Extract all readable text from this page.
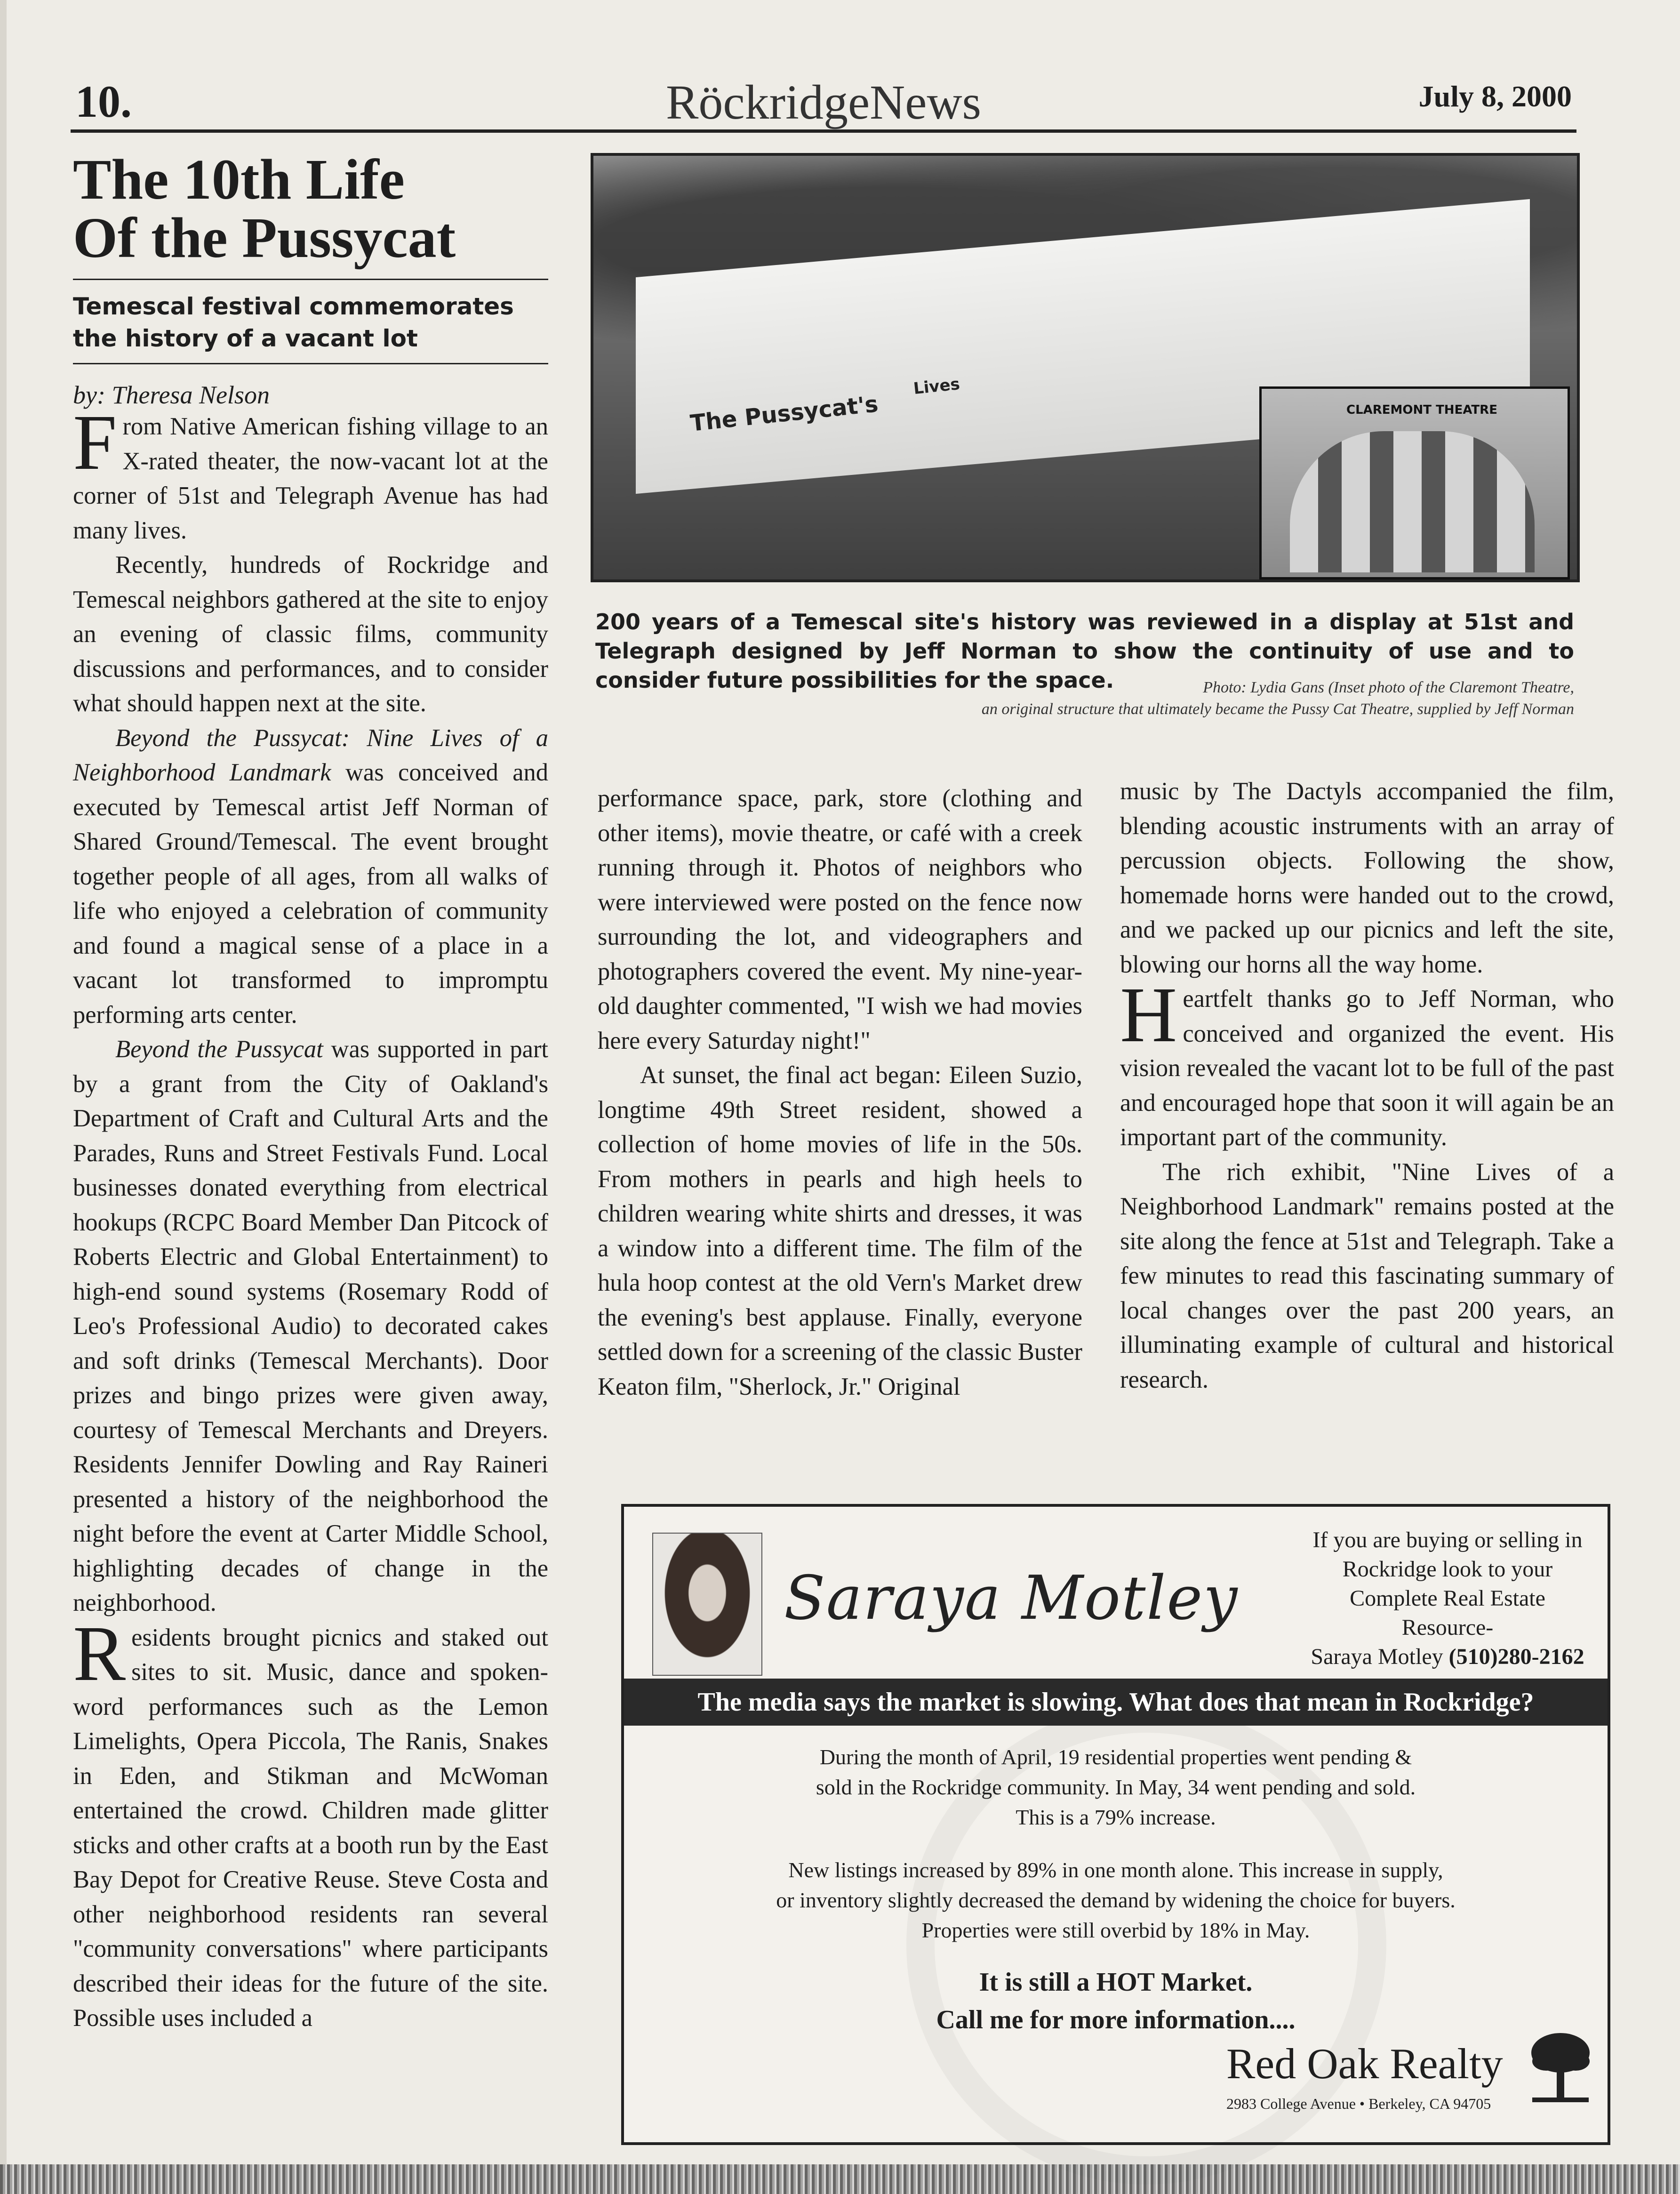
10.	RöckridgeNews	July 8, 2000
The 10th Life
Of the Pussycat
Temescal festival commemorates
the history of a vacant lot
by: Theresa Nelson

From Native American fishing village to an X-rated theater, the now-vacant lot at the corner of 51st and Telegraph Avenue has had many lives.

Recently, hundreds of Rockridge and Temescal neighbors gathered at the site to enjoy an evening of classic films, community discussions and performances, and to consider what should happen next at the site.

Beyond the Pussycat: Nine Lives of a Neighborhood Landmark was conceived and executed by Temescal artist Jeff Norman of Shared Ground/Temescal. The event brought together people of all ages, from all walks of life who enjoyed a celebration of community and found a magical sense of a place in a vacant lot transformed to impromptu performing arts center.

Beyond the Pussycat was supported in part by a grant from the City of Oakland's Department of Craft and Cultural Arts and the Parades, Runs and Street Festivals Fund. Local businesses donated everything from electrical hookups (RCPC Board Member Dan Pitcock of Roberts Electric and Global Entertainment) to high-end sound systems (Rosemary Rodd of Leo's Professional Audio) to decorated cakes and soft drinks (Temescal Merchants). Door prizes and bingo prizes were given away, courtesy of Temescal Merchants and Dreyers. Residents Jennifer Dowling and Ray Raineri presented a history of the neighborhood the night before the event at Carter Middle School, highlighting decades of change in the neighborhood.

Residents brought picnics and staked out sites to sit. Music, dance and spoken-word performances such as the Lemon Limelights, Opera Piccola, The Ranis, Snakes in Eden, and Stikman and McWoman entertained the crowd. Children made glitter sticks and other crafts at a booth run by the East Bay Depot for Creative Reuse. Steve Costa and other neighborhood residents ran several "community conversations" where participants described their ideas for the future of the site. Possible uses included a

The Pussycat's
Lives
CLAREMONT THEATRE
200 years of a Temescal site's history was reviewed in a display at 51st and Telegraph designed by Jeff Norman to show the continuity of use and to consider future possibilities for the space.	Photo: Lydia Gans (Inset photo of the Claremont Theatre,
an original structure that ultimately became the Pussy Cat Theatre, supplied by Jeff Norman

performance space, park, store (clothing and other items), movie theatre, or café with a creek running through it. Photos of neighbors who were interviewed were posted on the fence now surrounding the lot, and videographers and photographers covered the event. My nine-year-old daughter commented, "I wish we had movies here every Saturday night!"

At sunset, the final act began: Eileen Suzio, longtime 49th Street resident, showed a collection of home movies of life in the 50s. From mothers in pearls and high heels to children wearing white shirts and dresses, it was a window into a different time. The film of the hula hoop contest at the old Vern's Market drew the evening's best applause. Finally, everyone settled down for a screening of the classic Buster Keaton film, "Sherlock, Jr." Original

music by The Dactyls accompanied the film, blending acoustic instruments with an array of percussion objects. Following the show, homemade horns were handed out to the crowd, and we packed up our picnics and left the site, blowing our horns all the way home.

Heartfelt thanks go to Jeff Norman, who conceived and organized the event. His vision revealed the vacant lot to be full of the past and encouraged hope that soon it will again be an important part of the community.

The rich exhibit, "Nine Lives of a Neighborhood Landmark" remains posted at the site along the fence at 51st and Telegraph. Take a few minutes to read this fascinating summary of local changes over the past 200 years, an illuminating example of cultural and historical research.

Saraya Motley
If you are buying or selling in
Rockridge look to your
Complete Real Estate Resource-
Saraya Motley (510)280-2162
The media says the market is slowing. What does that mean in Rockridge?
During the month of April, 19 residential properties went pending &
sold in the Rockridge community. In May, 34 went pending and sold.
This is a 79% increase.
New listings increased by 89% in one month alone. This increase in supply,
or inventory slightly decreased the demand by widening the choice for buyers.
Properties were still overbid by 18% in May.
It is still a HOT Market.
Call me for more information....
Red Oak Realty
2983 College Avenue • Berkeley, CA 94705
